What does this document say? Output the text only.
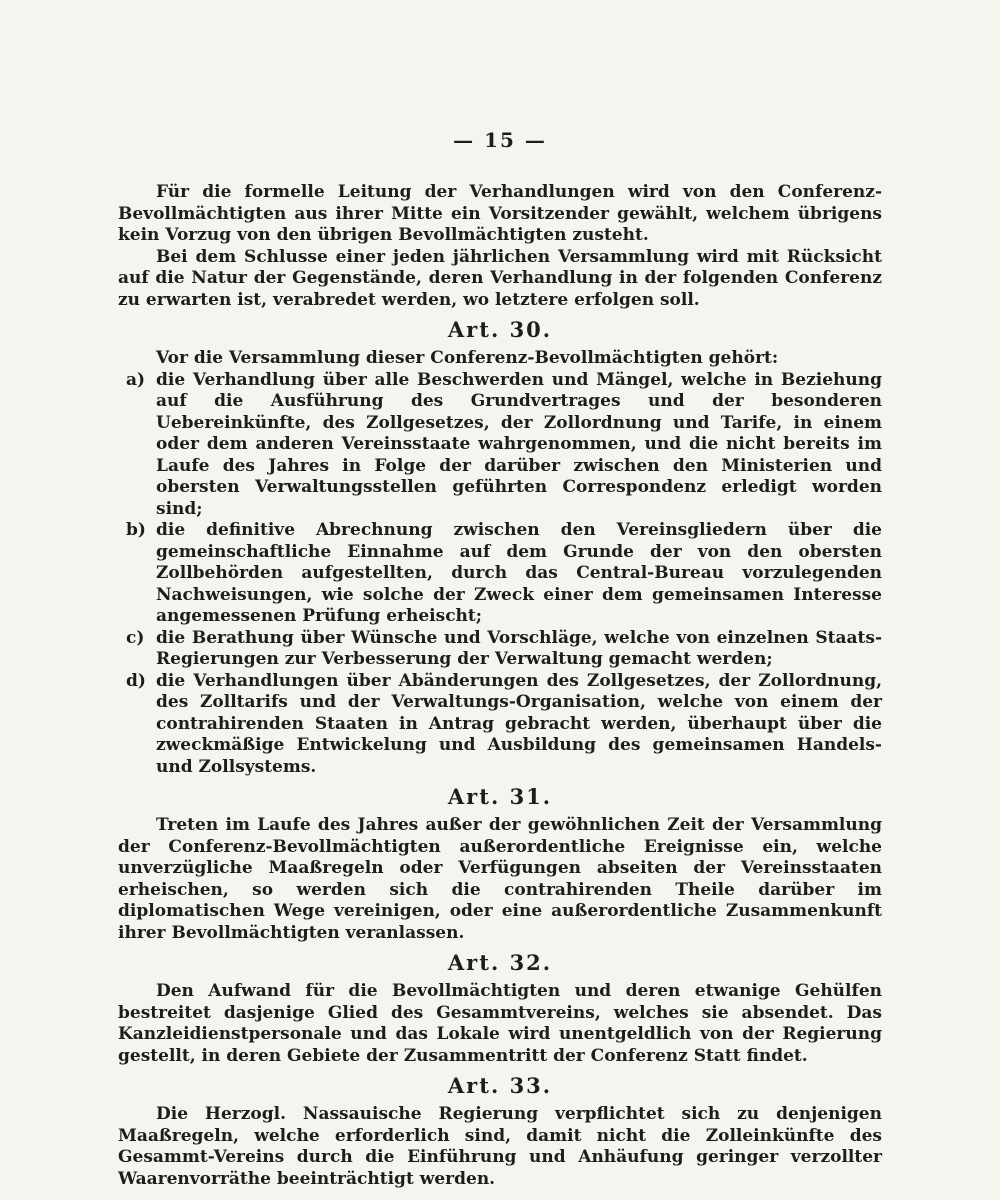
— 15 —

Für die formelle Leitung der Verhandlungen wird von den Conferenz-Bevollmächtigten aus ihrer Mitte ein Vorsitzender gewählt, welchem übrigens kein Vorzug von den übrigen Bevollmächtigten zusteht.

Bei dem Schlusse einer jeden jährlichen Versammlung wird mit Rücksicht auf die Natur der Gegenstände, deren Verhandlung in der folgenden Conferenz zu erwarten ist, verabredet werden, wo letztere erfolgen soll.

Art. 30.

Vor die Versammlung dieser Conferenz-Bevollmächtigten gehört:

a) die Verhandlung über alle Beschwerden und Mängel, welche in Beziehung auf die Ausführung des Grundvertrages und der besonderen Uebereinkünfte, des Zollgesetzes, der Zollordnung und Tarife, in einem oder dem anderen Vereinsstaate wahrgenommen, und die nicht bereits im Laufe des Jahres in Folge der darüber zwischen den Ministerien und obersten Verwaltungsstellen geführten Correspondenz erledigt worden sind;
b) die definitive Abrechnung zwischen den Vereinsgliedern über die gemeinschaftliche Einnahme auf dem Grunde der von den obersten Zollbehörden aufgestellten, durch das Central-Bureau vorzulegenden Nachweisungen, wie solche der Zweck einer dem gemeinsamen Interesse angemessenen Prüfung erheischt;
c) die Berathung über Wünsche und Vorschläge, welche von einzelnen Staats-Regierungen zur Verbesserung der Verwaltung gemacht werden;
d) die Verhandlungen über Abänderungen des Zollgesetzes, der Zollordnung, des Zolltarifs und der Verwaltungs-Organisation, welche von einem der contrahirenden Staaten in Antrag gebracht werden, überhaupt über die zweckmäßige Entwickelung und Ausbildung des gemeinsamen Handels- und Zollsystems.
Art. 31.

Treten im Laufe des Jahres außer der gewöhnlichen Zeit der Versammlung der Conferenz-Bevollmächtigten außerordentliche Ereignisse ein, welche unverzügliche Maaßregeln oder Verfügungen abseiten der Vereinsstaaten erheischen, so werden sich die contrahirenden Theile darüber im diplomatischen Wege vereinigen, oder eine außerordentliche Zusammenkunft ihrer Bevollmächtigten veranlassen.

Art. 32.

Den Aufwand für die Bevollmächtigten und deren etwanige Gehülfen bestreitet dasjenige Glied des Gesammtvereins, welches sie absendet. Das Kanzleidienstpersonale und das Lokale wird unentgeldlich von der Regierung gestellt, in deren Gebiete der Zusammentritt der Conferenz Statt findet.

Art. 33.

Die Herzogl. Nassauische Regierung verpflichtet sich zu denjenigen Maaßregeln, welche erforderlich sind, damit nicht die Zolleinkünfte des Gesammt-Vereins durch die Einführung und Anhäufung geringer verzollter Waarenvorräthe beeinträchtigt werden.
